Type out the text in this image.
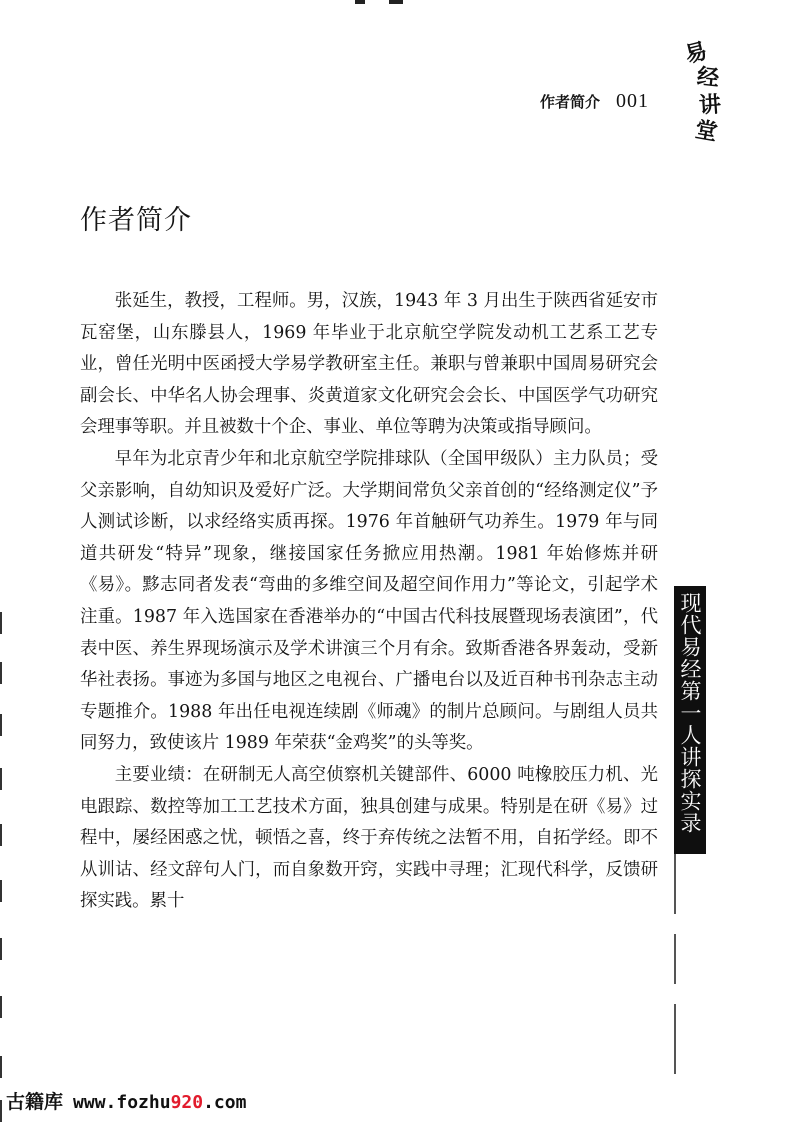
作者简介 001
易
经
讲
堂
作者简介

张延生，教授，工程师。男，汉族，1943 年 3 月出生于陕西省延安市瓦窑堡，山东滕县人，1969 年毕业于北京航空学院发动机工艺系工艺专业，曾任光明中医函授大学易学教研室主任。兼职与曾兼职中国周易研究会副会长、中华名人协会理事、炎黄道家文化研究会会长、中国医学气功研究会理事等职。并且被数十个企、事业、单位等聘为决策或指导顾问。

早年为北京青少年和北京航空学院排球队（全国甲级队）主力队员；受父亲影响，自幼知识及爱好广泛。大学期间常负父亲首创的“经络测定仪”予人测试诊断，以求经络实质再探。1976 年首触研气功养生。1979 年与同道共研发“特异”现象，继接国家任务掀应用热潮。1981 年始修炼并研《易》。黟志同者发表“弯曲的多维空间及超空间作用力”等论文，引起学术注重。1987 年入选国家在香港举办的“中国古代科技展暨现场表演团”，代表中医、养生界现场演示及学术讲演三个月有余。致斯香港各界轰动，受新华社表扬。事迹为多国与地区之电视台、广播电台以及近百种书刊杂志主动专题推介。1988 年出任电视连续剧《师魂》的制片总顾问。与剧组人员共同努力，致使该片 1989 年荣获“金鸡奖”的头等奖。

主要业绩：在研制无人高空侦察机关键部件、6000 吨橡胶压力机、光电跟踪、数控等加工工艺技术方面，独具创建与成果。特别是在研《易》过程中，屡经困惑之忧，顿悟之喜，终于弃传统之法暂不用，自拓学经。即不从训诂、经文辞句人门，而自象数开窍，实践中寻理；汇现代科学，反馈研探实践。累十

现代易经第一人讲探实录
古籍库 www.fozhu 920 .com
